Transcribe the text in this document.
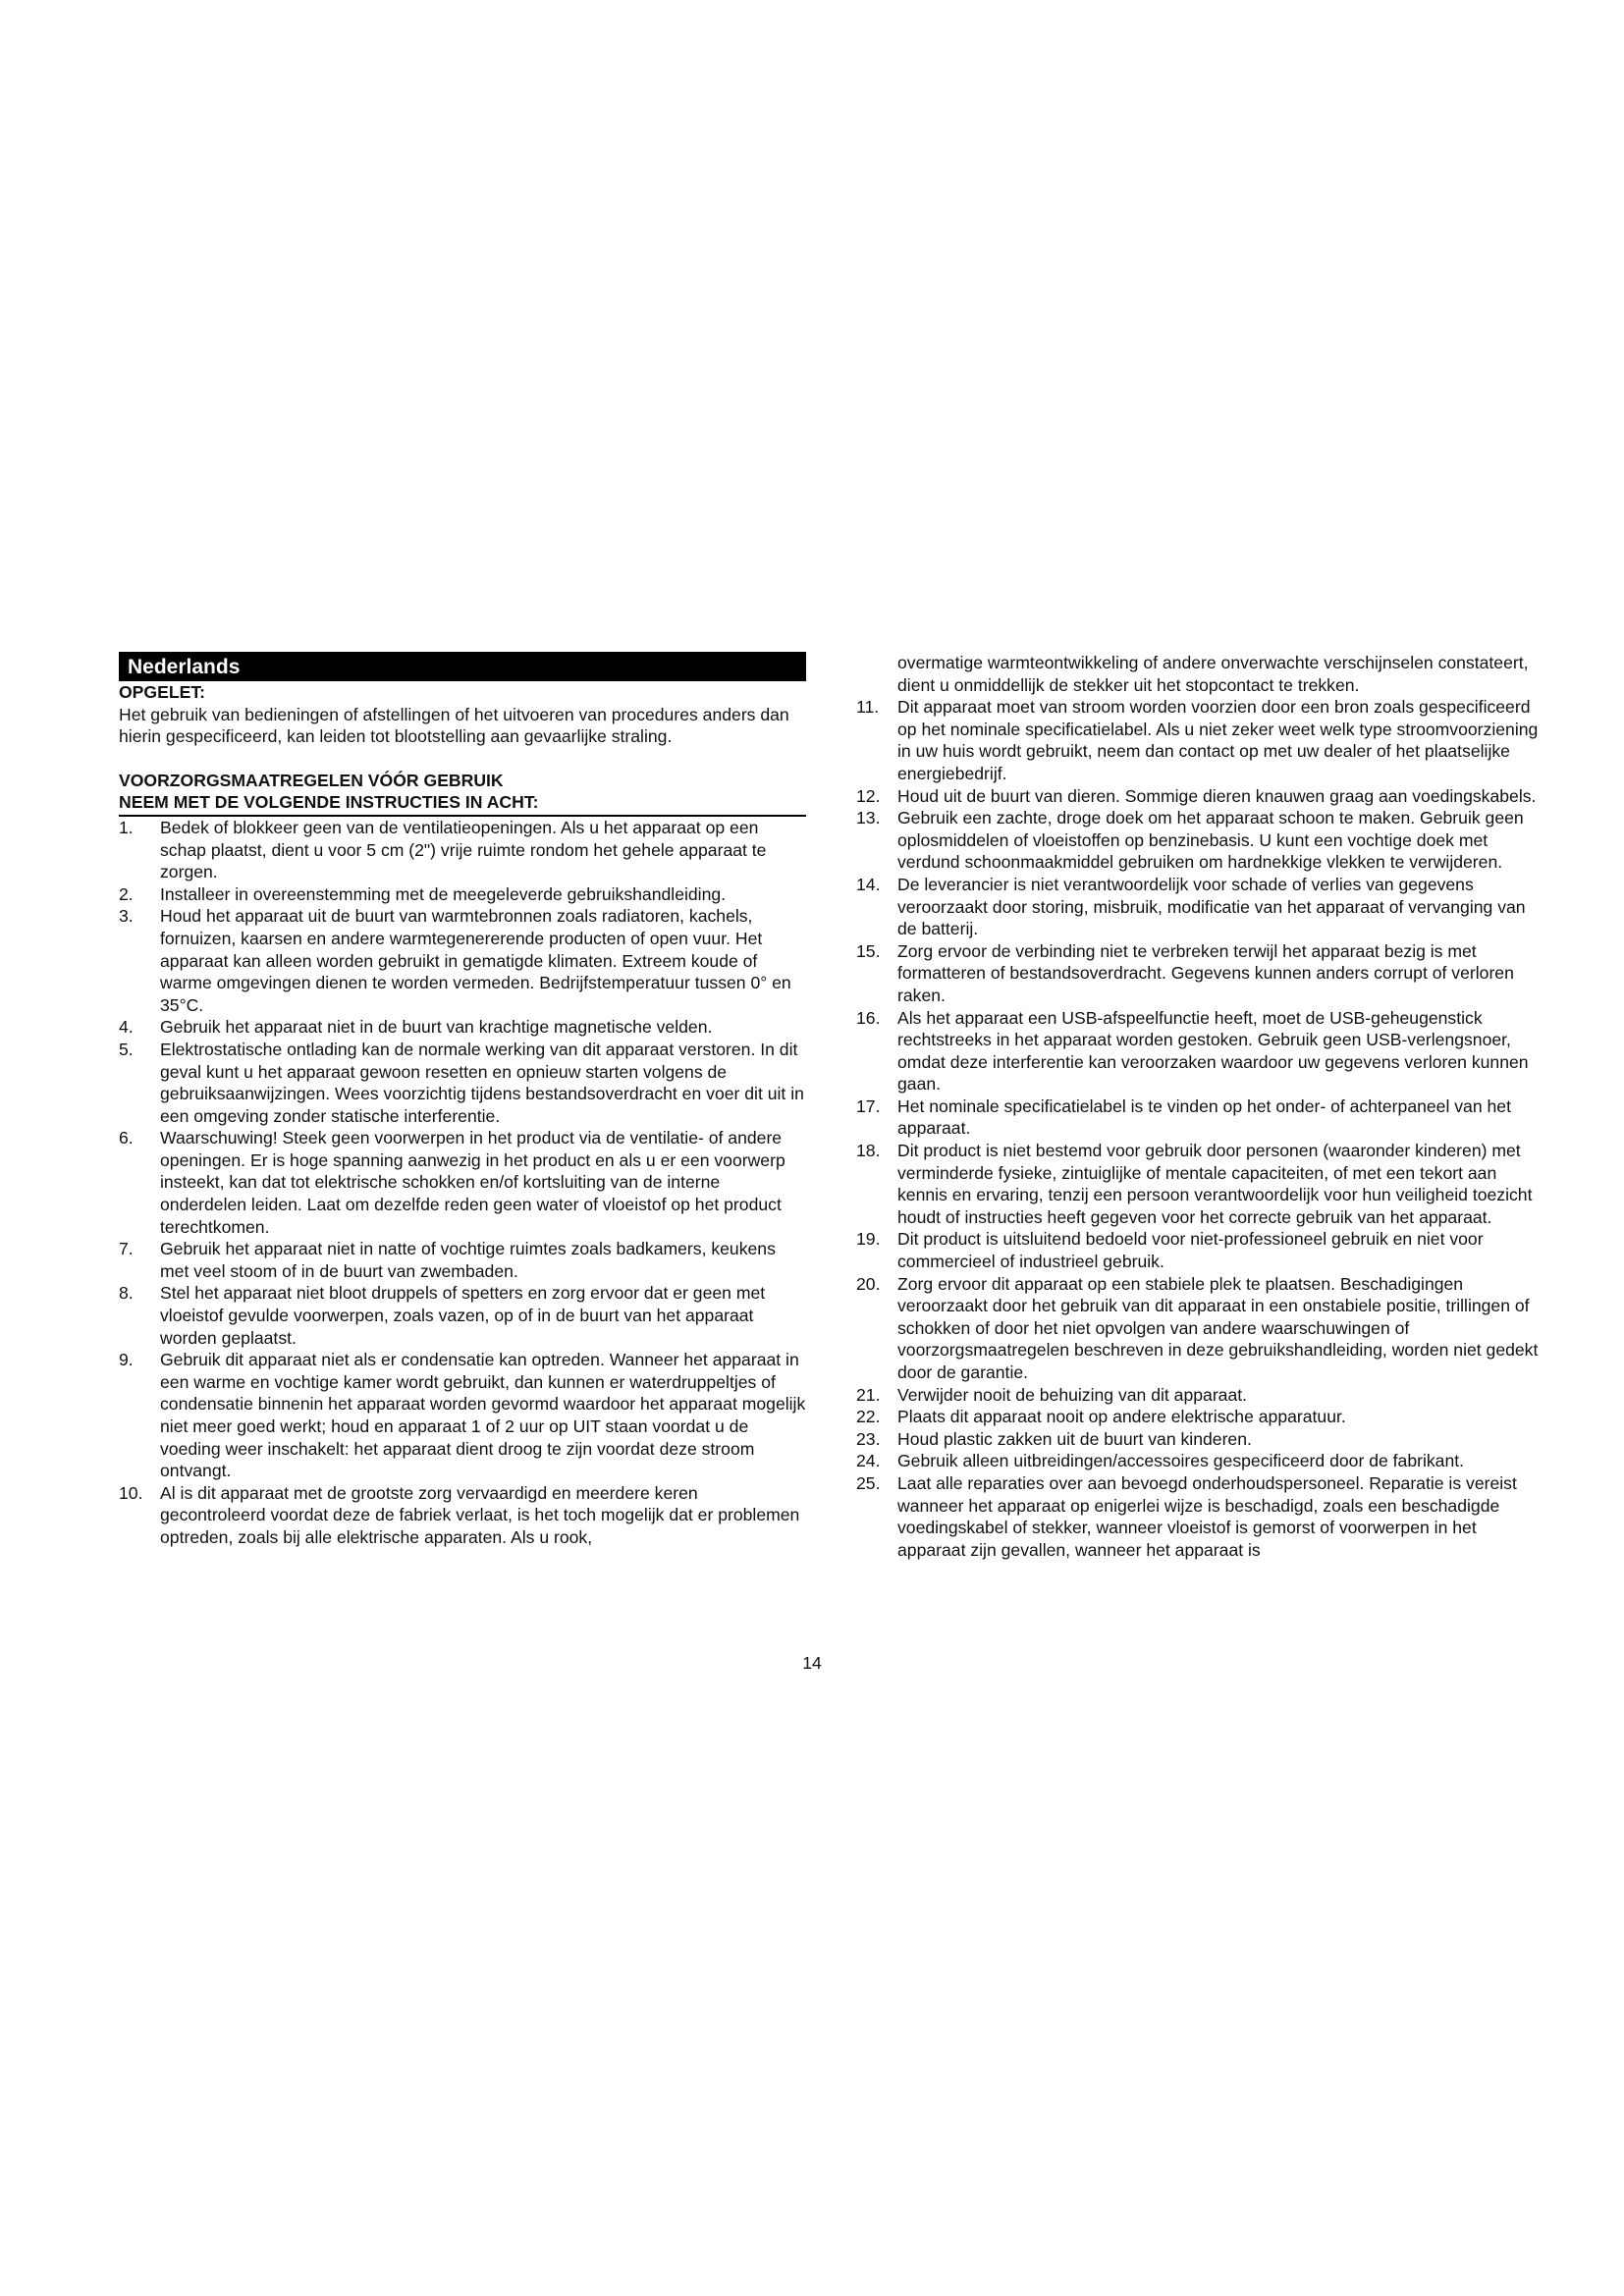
Nederlands
OPGELET:
Het gebruik van bedieningen of afstellingen of het uitvoeren van procedures anders dan hierin gespecificeerd, kan leiden tot blootstelling aan gevaarlijke straling.
VOORZORGSMAATREGELEN VÓÓR GEBRUIK
NEEM MET DE VOLGENDE INSTRUCTIES IN ACHT:
1.	Bedek of blokkeer geen van de ventilatieopeningen. Als u het apparaat op een schap plaatst, dient u voor 5 cm (2") vrije ruimte rondom het gehele apparaat te zorgen.
2.	Installeer in overeenstemming met de meegeleverde gebruikshandleiding.
3.	Houd het apparaat uit de buurt van warmtebronnen zoals radiatoren, kachels, fornuizen, kaarsen en andere warmtegenererende producten of open vuur. Het apparaat kan alleen worden gebruikt in gematigde klimaten. Extreem koude of warme omgevingen dienen te worden vermeden. Bedrijfstemperatuur tussen 0° en 35°C.
4.	Gebruik het apparaat niet in de buurt van krachtige magnetische velden.
5.	Elektrostatische ontlading kan de normale werking van dit apparaat verstoren. In dit geval kunt u het apparaat gewoon resetten en opnieuw starten volgens de gebruiksaanwijzingen. Wees voorzichtig tijdens bestandsoverdracht en voer dit uit in een omgeving zonder statische interferentie.
6.	Waarschuwing! Steek geen voorwerpen in het product via de ventilatie- of andere openingen. Er is hoge spanning aanwezig in het product en als u er een voorwerp insteekt, kan dat tot elektrische schokken en/of kortsluiting van de interne onderdelen leiden. Laat om dezelfde reden geen water of vloeistof op het product terechtkomen.
7.	Gebruik het apparaat niet in natte of vochtige ruimtes zoals badkamers, keukens met veel stoom of in de buurt van zwembaden.
8.	Stel het apparaat niet bloot druppels of spetters en zorg ervoor dat er geen met vloeistof gevulde voorwerpen, zoals vazen, op of in de buurt van het apparaat worden geplaatst.
9.	Gebruik dit apparaat niet als er condensatie kan optreden. Wanneer het apparaat in een warme en vochtige kamer wordt gebruikt, dan kunnen er waterdruppeltjes of condensatie binnenin het apparaat worden gevormd waardoor het apparaat mogelijk niet meer goed werkt; houd en apparaat 1 of 2 uur op UIT staan voordat u de voeding weer inschakelt: het apparaat dient droog te zijn voordat deze stroom ontvangt.
10. Al is dit apparaat met de grootste zorg vervaardigd en meerdere keren gecontroleerd voordat deze de fabriek verlaat, is het toch mogelijk dat er problemen optreden, zoals bij alle elektrische apparaten. Als u rook,
overmatige warmteontwikkeling of andere onverwachte verschijnselen constateert, dient u onmiddellijk de stekker uit het stopcontact te trekken.
11.	Dit apparaat moet van stroom worden voorzien door een bron zoals gespecificeerd op het nominale specificatielabel. Als u niet zeker weet welk type stroomvoorziening in uw huis wordt gebruikt, neem dan contact op met uw dealer of het plaatselijke energiebedrijf.
12. Houd uit de buurt van dieren. Sommige dieren knauwen graag aan voedingskabels.
13. Gebruik een zachte, droge doek om het apparaat schoon te maken. Gebruik geen oplosmiddelen of vloeistoffen op benzinebasis. U kunt een vochtige doek met verdund schoonmaakmiddel gebruiken om hardnekkige vlekken te verwijderen.
14. De leverancier is niet verantwoordelijk voor schade of verlies van gegevens veroorzaakt door storing, misbruik, modificatie van het apparaat of vervanging van de batterij.
15. Zorg ervoor de verbinding niet te verbreken terwijl het apparaat bezig is met formatteren of bestandsoverdracht. Gegevens kunnen anders corrupt of verloren raken.
16. Als het apparaat een USB-afspeelfunctie heeft, moet de USB-geheugenstick rechtstreeks in het apparaat worden gestoken. Gebruik geen USB-verlengsnoer, omdat deze interferentie kan veroorzaken waardoor uw gegevens verloren kunnen gaan.
17. Het nominale specificatielabel is te vinden op het onder- of achterpaneel van het apparaat.
18. Dit product is niet bestemd voor gebruik door personen (waaronder kinderen) met verminderde fysieke, zintuiglijke of mentale capaciteiten, of met een tekort aan kennis en ervaring, tenzij een persoon verantwoordelijk voor hun veiligheid toezicht houdt of instructies heeft gegeven voor het correcte gebruik van het apparaat.
19. Dit product is uitsluitend bedoeld voor niet-professioneel gebruik en niet voor commercieel of industrieel gebruik.
20. Zorg ervoor dit apparaat op een stabiele plek te plaatsen. Beschadigingen veroorzaakt door het gebruik van dit apparaat in een onstabiele positie, trillingen of schokken of door het niet opvolgen van andere waarschuwingen of voorzorgsmaatregelen beschreven in deze gebruikshandleiding, worden niet gedekt door de garantie.
21. Verwijder nooit de behuizing van dit apparaat.
22. Plaats dit apparaat nooit op andere elektrische apparatuur.
23. Houd plastic zakken uit de buurt van kinderen.
24. Gebruik alleen uitbreidingen/accessoires gespecificeerd door de fabrikant.
25. Laat alle reparaties over aan bevoegd onderhoudspersoneel. Reparatie is vereist wanneer het apparaat op enigerlei wijze is beschadigd, zoals een beschadigde voedingskabel of stekker, wanneer vloeistof is gemorst of voorwerpen in het apparaat zijn gevallen, wanneer het apparaat is
14
